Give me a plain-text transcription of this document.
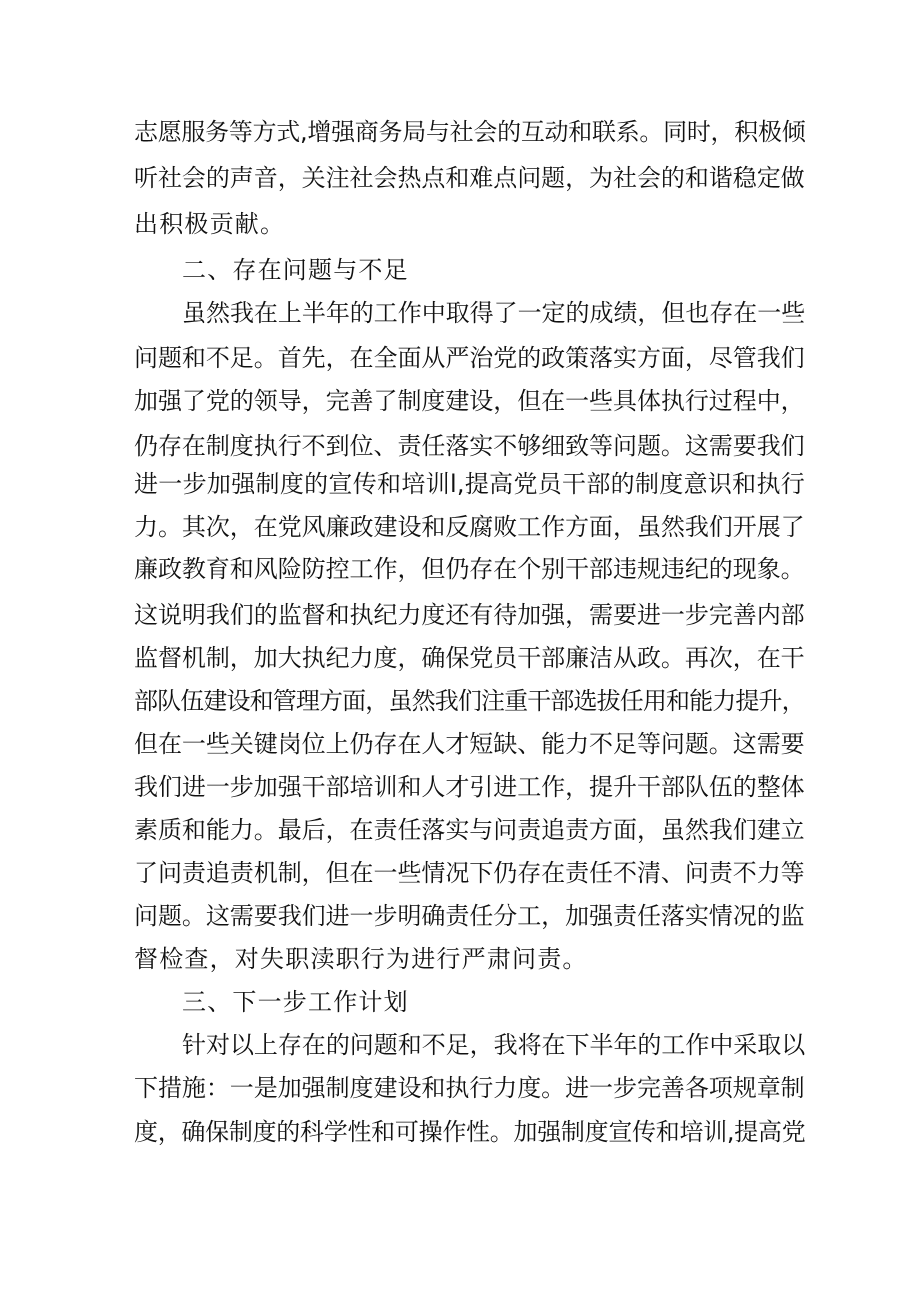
志愿服务等方式,增强商务局与社会的互动和联系。同时，积极倾
听社会的声音，关注社会热点和难点问题，为社会的和谐稳定做
出积极贡献。
二、存在问题与不足
虽然我在上半年的工作中取得了一定的成绩，但也存在一些
问题和不足。首先，在全面从严治党的政策落实方面，尽管我们
加强了党的领导，完善了制度建设，但在一些具体执行过程中，
仍存在制度执行不到位、责任落实不够细致等问题。这需要我们
进一步加强制度的宣传和培训l,提高党员干部的制度意识和执行
力。其次，在党风廉政建设和反腐败工作方面，虽然我们开展了
廉政教育和风险防控工作，但仍存在个别干部违规违纪的现象。
这说明我们的监督和执纪力度还有待加强，需要进一步完善内部
监督机制，加大执纪力度，确保党员干部廉洁从政。再次，在干
部队伍建设和管理方面，虽然我们注重干部选拔任用和能力提升，
但在一些关键岗位上仍存在人才短缺、能力不足等问题。这需要
我们进一步加强干部培训和人才引进工作，提升干部队伍的整体
素质和能力。最后，在责任落实与问责追责方面，虽然我们建立
了问责追责机制，但在一些情况下仍存在责任不清、问责不力等
问题。这需要我们进一步明确责任分工，加强责任落实情况的监
督检查，对失职渎职行为进行严肃问责。
三、下一步工作计划
针对以上存在的问题和不足，我将在下半年的工作中采取以
下措施：一是加强制度建设和执行力度。进一步完善各项规章制
度，确保制度的科学性和可操作性。加强制度宣传和培训,提高党
